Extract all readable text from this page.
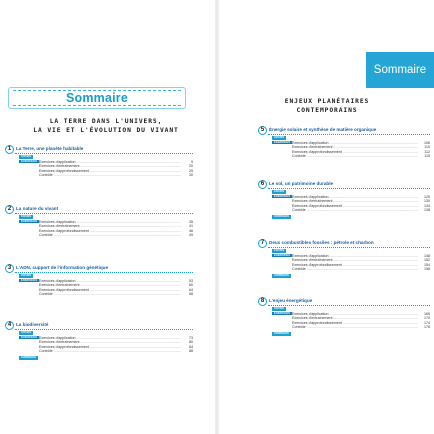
Sommaire
LA TERRE DANS L'UNIVERS,
LA VIE ET L'ÉVOLUTION DU VIVANT
Sommaire
ENJEUX PLANÉTAIRES
CONTEMPORAINS
1	La Terre, une planète habitable
COURS
EXERCICES Exercices d'application .....	9
Exercices d'entraînement .....	20
Exercices d'approfondissement .....	25
Contrôle .....	30
2	La nature du vivant
COURS
EXERCICES Exercices d'application .....	35
Exercices d'entraînement .....	41
Exercices d'approfondissement .....	46
Contrôle .....	49
3	L'ADN, support de l'information génétique
COURS
EXERCICES Exercices d'application .....	53
Exercices d'entraînement .....	60
Exercices d'approfondissement .....	64
Contrôle .....	68
4	La biodiversité
COURS
EXERCICES Exercices d'application .....	73
Exercices d'entraînement .....	80
Exercices d'approfondissement .....	84
Contrôle .....	88
CORRIGÉS
5	Énergie solaire et synthèse de matière organique
COURS
EXERCICES Exercices d'application .....	106
Exercices d'entraînement .....	110
Exercices d'approfondissement .....	112
Contrôle .....	115
6	Le sol, un patrimoine durable
COURS
EXERCICES Exercices d'application .....	125
Exercices d'entraînement .....	130
Exercices d'approfondissement .....	134
Contrôle .....	138
CORRIGÉS
7	Deux combustibles fossiles : pétrole et charbon
COURS
EXERCICES Exercices d'application .....	148
Exercices d'entraînement .....	152
Exercices d'approfondissement .....	154
Contrôle .....	156
CORRIGÉS
8	L'enjeu énergétique
COURS
EXERCICES Exercices d'application .....	165
Exercices d'entraînement .....	170
Exercices d'approfondissement .....	174
Contrôle .....	178
CORRIGÉS
